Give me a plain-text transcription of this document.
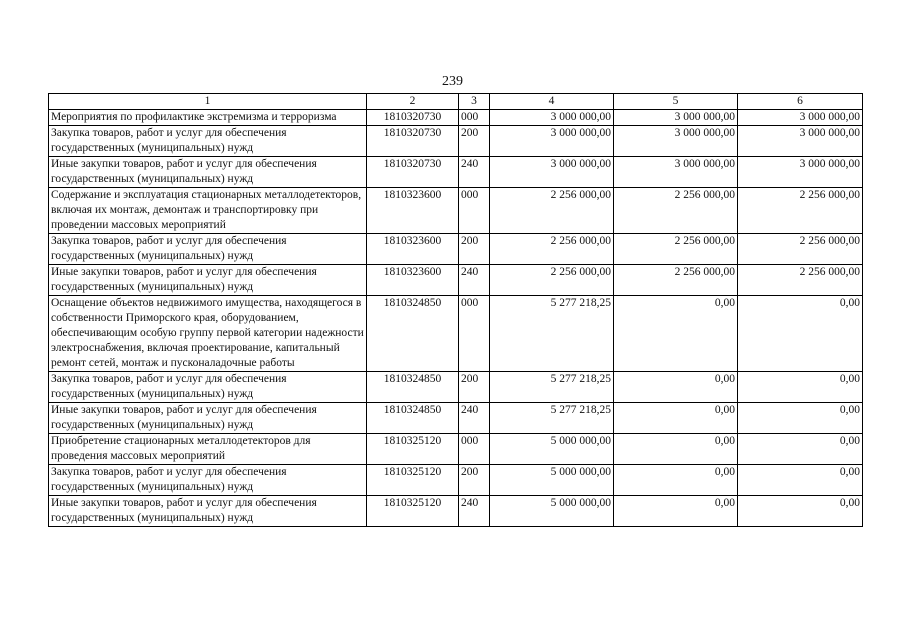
239
1	2	3	4	5	6
Мероприятия по профилактике экстремизма и терроризма	1810320730	000	3 000 000,00	3 000 000,00	3 000 000,00
Закупка товаров, работ и услуг для обеспечения государственных (муниципальных) нужд	1810320730	200	3 000 000,00	3 000 000,00	3 000 000,00
Иные закупки товаров, работ и услуг для обеспечения государственных (муниципальных) нужд	1810320730	240	3 000 000,00	3 000 000,00	3 000 000,00
Содержание и эксплуатация стационарных металлодетекторов, включая их монтаж, демонтаж и транспортировку при проведении массовых мероприятий	1810323600	000	2 256 000,00	2 256 000,00	2 256 000,00
Закупка товаров, работ и услуг для обеспечения государственных (муниципальных) нужд	1810323600	200	2 256 000,00	2 256 000,00	2 256 000,00
Иные закупки товаров, работ и услуг для обеспечения государственных (муниципальных) нужд	1810323600	240	2 256 000,00	2 256 000,00	2 256 000,00
Оснащение объектов недвижимого имущества, находящегося в собственности Приморского края, оборудованием, обеспечивающим особую группу первой категории надежности электроснабжения, включая проектирование, капитальный ремонт сетей, монтаж и пусконаладочные работы	1810324850	000	5 277 218,25	0,00	0,00
Закупка товаров, работ и услуг для обеспечения государственных (муниципальных) нужд	1810324850	200	5 277 218,25	0,00	0,00
Иные закупки товаров, работ и услуг для обеспечения государственных (муниципальных) нужд	1810324850	240	5 277 218,25	0,00	0,00
Приобретение стационарных металлодетекторов для проведения массовых мероприятий	1810325120	000	5 000 000,00	0,00	0,00
Закупка товаров, работ и услуг для обеспечения государственных (муниципальных) нужд	1810325120	200	5 000 000,00	0,00	0,00
Иные закупки товаров, работ и услуг для обеспечения государственных (муниципальных) нужд	1810325120	240	5 000 000,00	0,00	0,00
